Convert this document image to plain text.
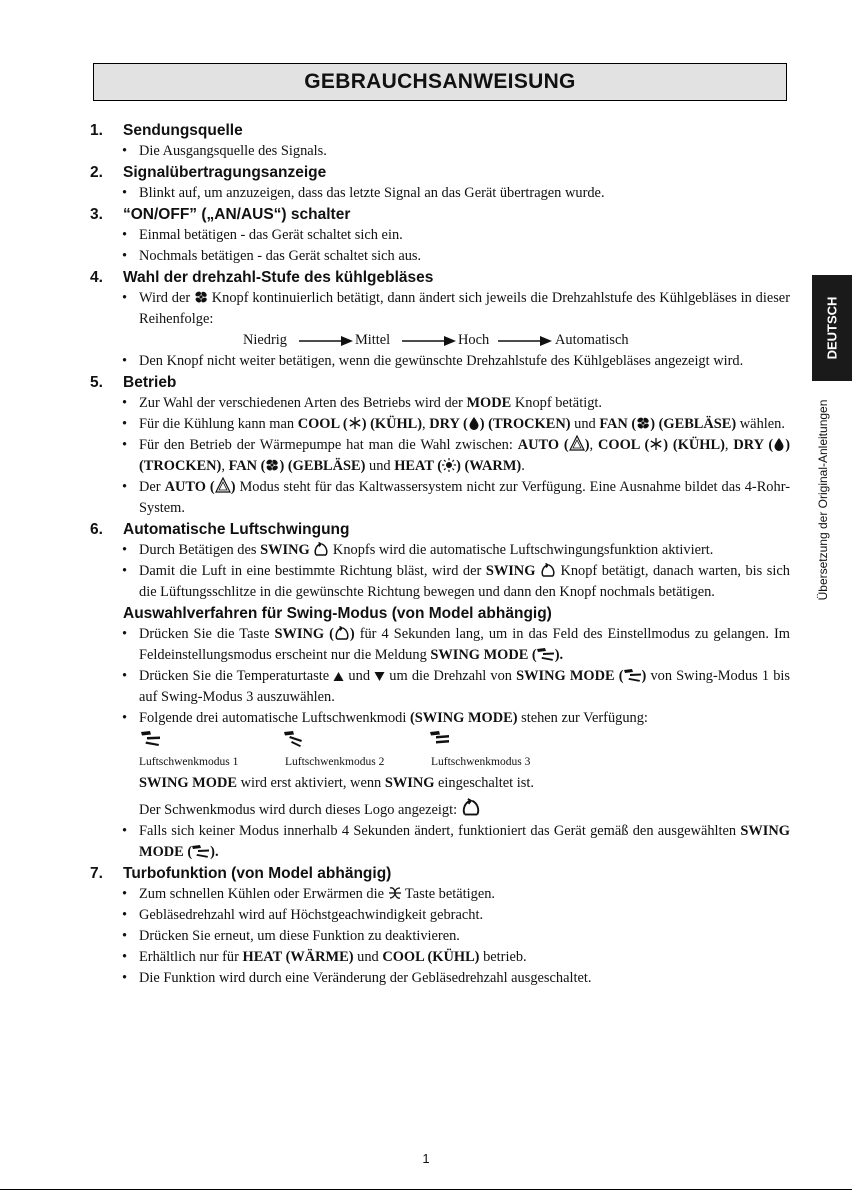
GEBRAUCHSANWEISUNG
DEUTSCH
Übersetzung der Original-Anleitungen
1.	Sendungsquelle
• Die Ausgangsquelle des Signals.
2.	Signalübertragungsanzeige
• Blinkt auf, um anzuzeigen, dass das letzte Signal an das Gerät übertragen wurde.
3.	“ON/OFF” („AN/AUS“) schalter
• Einmal betätigen - das Gerät schaltet sich ein.
• Nochmals betätigen - das Gerät schaltet sich aus.
4.	Wahl der drehzahl-Stufe des kühlgebläses
• Wird der Knopf kontinuierlich betätigt, dann ändert sich jeweils die Drehzahlstufe des Kühlgebläses in dieser Reihenfolge:
Niedrig	Mittel	Hoch	Automatisch
• Den Knopf nicht weiter betätigen, wenn die gewünschte Drehzahlstufe des Kühlgebläses angezeigt wird.
5.	Betrieb
• Zur Wahl der verschiedenen Arten des Betriebs wird der MODE Knopf betätigt.
• Für die Kühlung kann man COOL ( ) (KÜHL), DRY ( ) (TROCKEN) und FAN ( ) (GEBLÄSE) wählen.
• Für den Betrieb der Wärmepumpe hat man die Wahl zwischen: AUTO ( ), COOL ( ) (KÜHL), DRY ( ) (TROCKEN), FAN ( ) (GEBLÄSE) und HEAT ( ) (WARM).
• Der AUTO ( ) Modus steht für das Kaltwassersystem nicht zur Verfügung. Eine Ausnahme bildet das 4-Rohr-System.
6.	Automatische Luftschwingung
• Durch Betätigen des SWING Knopfs wird die automatische Luftschwingungsfunktion aktiviert.
• Damit die Luft in eine bestimmte Richtung bläst, wird der SWING Knopf betätigt, danach warten, bis sich die Lüftungsschlitze in die gewünschte Richtung bewegen und dann den Knopf nochmals betätigen.
Auswahlverfahren für Swing-Modus (von Model abhängig)
• Drücken Sie die Taste SWING ( ) für 4 Sekunden lang, um in das Feld des Einstellmodus zu gelangen. Im Feldeinstellungsmodus erscheint nur die Meldung SWING MODE ( ).
• Drücken Sie die Temperaturtaste und um die Drehzahl von SWING MODE ( ) von Swing-Modus 1 bis auf Swing-Modus 3 auszuwählen.
• Folgende drei automatische Luftschwenkmodi (SWING MODE) stehen zur Verfügung:
Luftschwenkmodus 1	Luftschwenkmodus 2	Luftschwenkmodus 3
SWING MODE wird erst aktiviert, wenn SWING eingeschaltet ist.
Der Schwenkmodus wird durch dieses Logo angezeigt:
• Falls sich keiner Modus innerhalb 4 Sekunden ändert, funktioniert das Gerät gemäß den ausgewählten SWING MODE ( ).
7.	Turbofunktion (von Model abhängig)
• Zum schnellen Kühlen oder Erwärmen die Taste betätigen.
• Gebläsedrehzahl wird auf Höchstgeachwindigkeit gebracht.
• Drücken Sie erneut, um diese Funktion zu deaktivieren.
• Erhältlich nur für HEAT (WÄRME) und COOL (KÜHL) betrieb.
• Die Funktion wird durch eine Veränderung der Gebläsedrehzahl ausgeschaltet.
1
